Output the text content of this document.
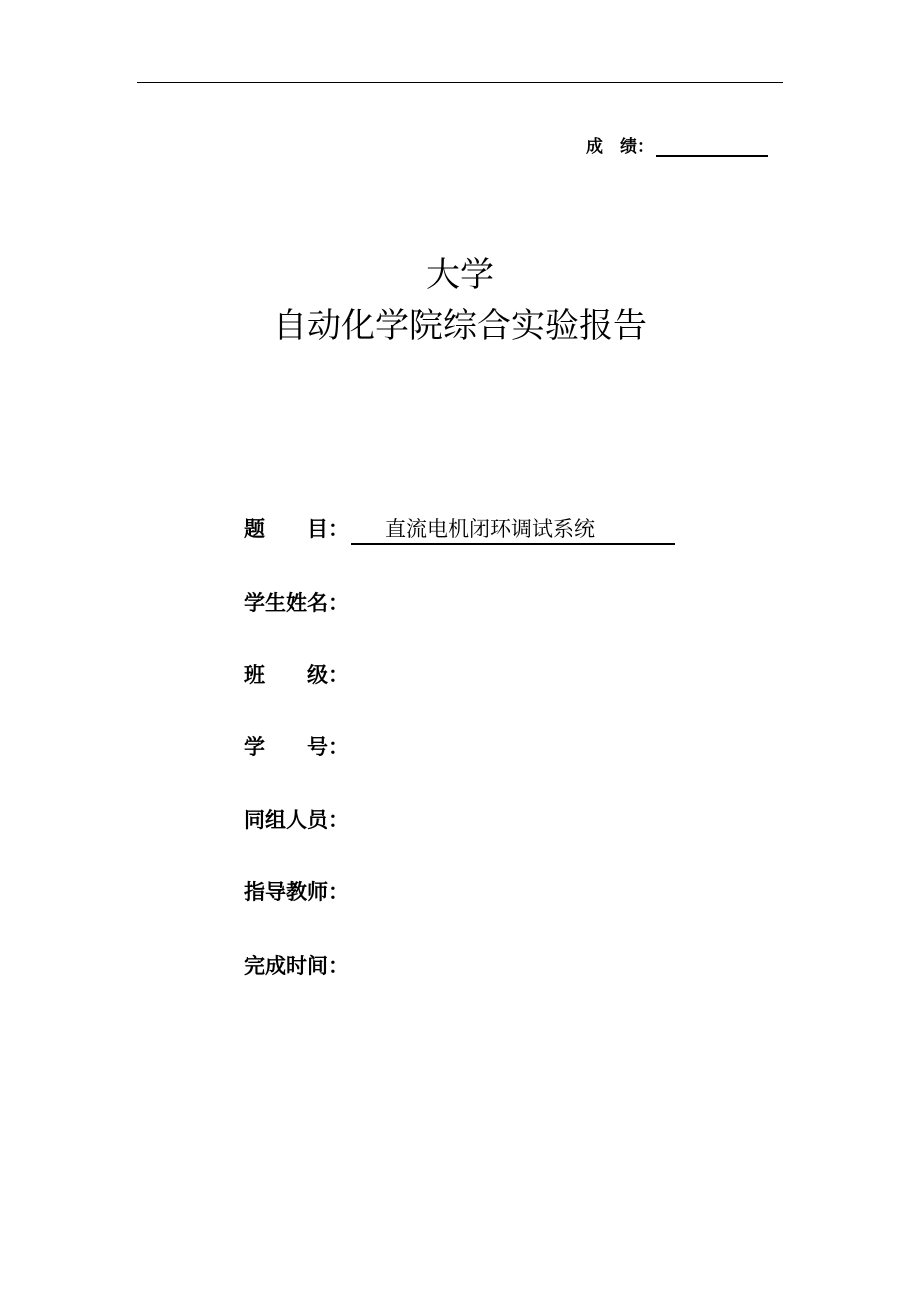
成　绩：
大学
自动化学院综合实验报告
题　　目： 直流电机闭环调试系统
学生姓名：
班　　级：
学　　号：
同组人员：
指导教师：
完成时间：
